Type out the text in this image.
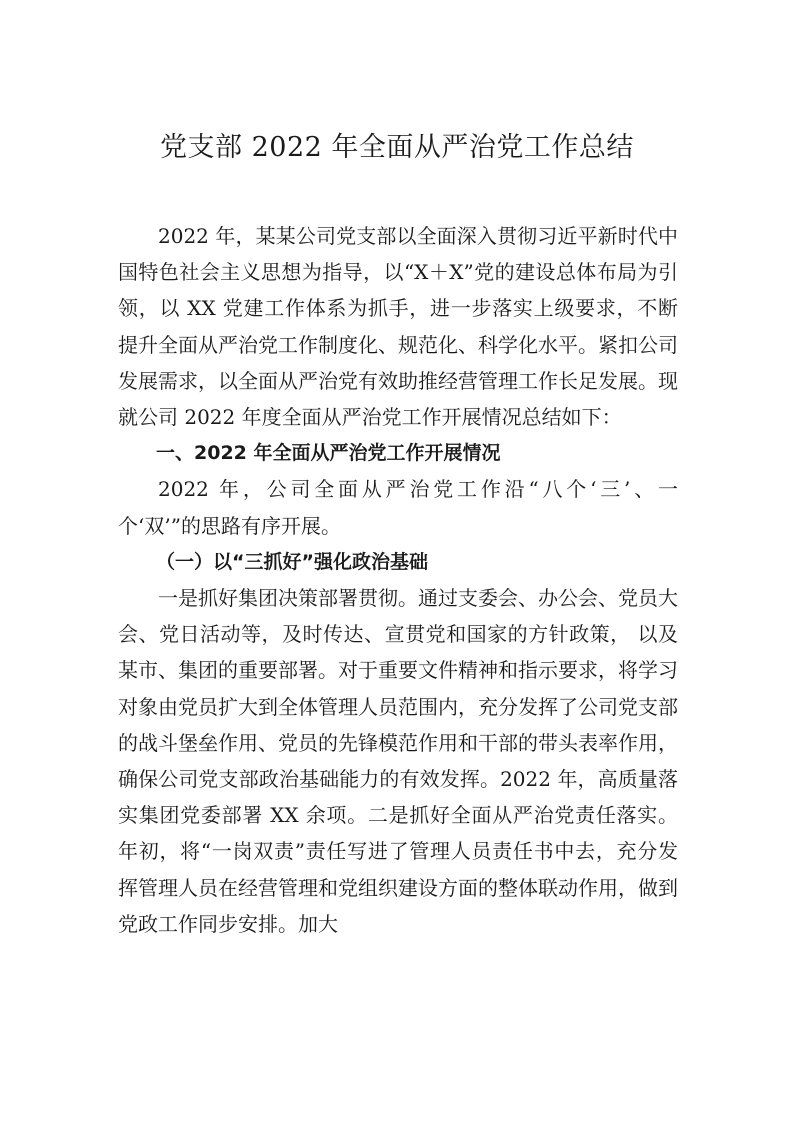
党支部 2022 年全面从严治党工作总结

2022 年，某某公司党支部以全面深入贯彻习近平新时代中国特色社会主义思想为指导，以“X＋X”党的建设总体布局为引领，以 XX 党建工作体系为抓手，进一步落实上级要求，不断提升全面从严治党工作制度化、规范化、科学化水平。紧扣公司发展需求，以全面从严治党有效助推经营管理工作长足发展。现就公司 2022 年度全面从严治党工作开展情况总结如下：

一、2022 年全面从严治党工作开展情况

2022 年，公司全面从严治党工作沿“八个‘三’、一个‘双’”的思路有序开展。

（一）以“三抓好”强化政治基础

一是抓好集团决策部署贯彻。通过支委会、办公会、党员大会、党日活动等，及时传达、宣贯党和国家的方针政策， 以及某市、集团的重要部署。对于重要文件精神和指示要求，将学习对象由党员扩大到全体管理人员范围内，充分发挥了公司党支部的战斗堡垒作用、党员的先锋模范作用和干部的带头表率作用，确保公司党支部政治基础能力的有效发挥。2022 年，高质量落实集团党委部署 XX 余项。二是抓好全面从严治党责任落实。年初，将“一岗双责”责任写进了管理人员责任书中去，充分发挥管理人员在经营管理和党组织建设方面的整体联动作用，做到党政工作同步安排。加大
